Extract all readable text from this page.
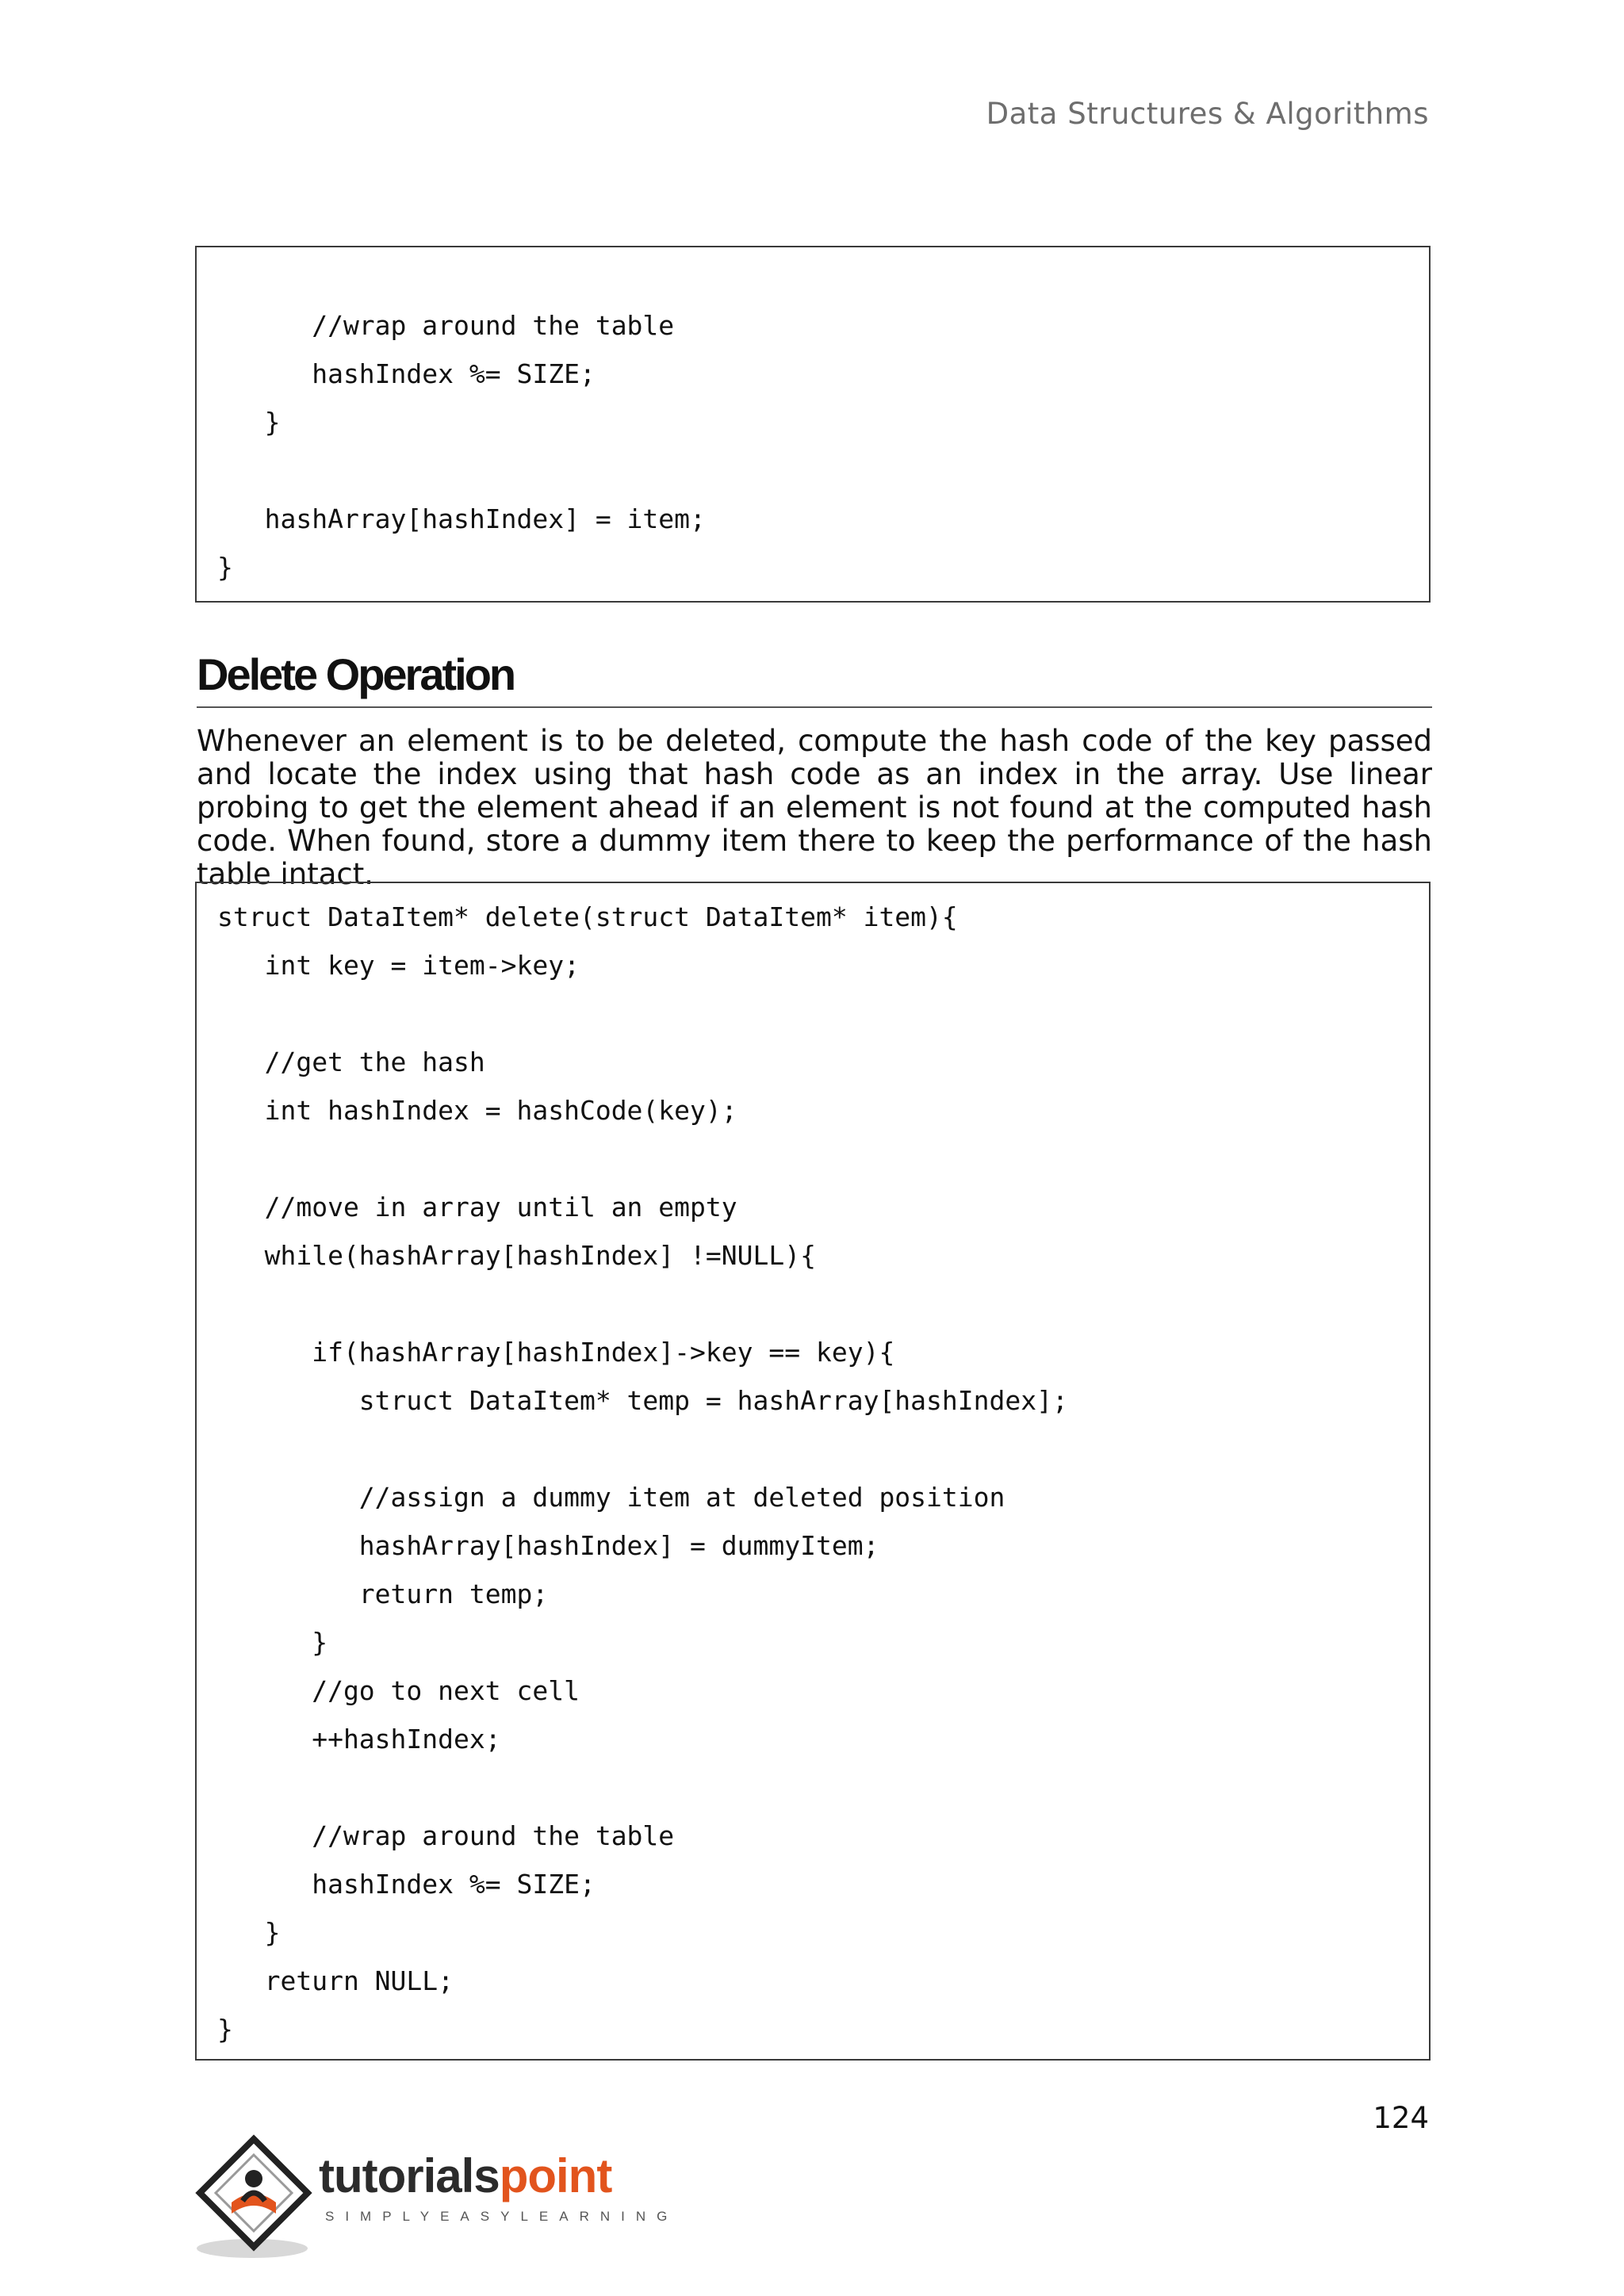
Data Structures & Algorithms
//wrap around the table
hashIndex %= SIZE;
}
hashArray[hashIndex] = item;
}
Delete Operation
Whenever an element is to be deleted, compute the hash code of the key passed and locate the index using that hash code as an index in the array. Use linear probing to get the element ahead if an element is not found at the computed hash code. When found, store a dummy item there to keep the performance of the hash table intact.
struct DataItem* delete(struct DataItem* item){
int key = item->key;
//get the hash
int hashIndex = hashCode(key);
//move in array until an empty
while(hashArray[hashIndex] !=NULL){
if(hashArray[hashIndex]->key == key){
struct DataItem* temp = hashArray[hashIndex];
//assign a dummy item at deleted position
hashArray[hashIndex] = dummyItem;
return temp;
}
//go to next cell
++hashIndex;
//wrap around the table
hashIndex %= SIZE;
}
return NULL;
}
124
tutorialspoint
SIMPLYEASYLEARNING
